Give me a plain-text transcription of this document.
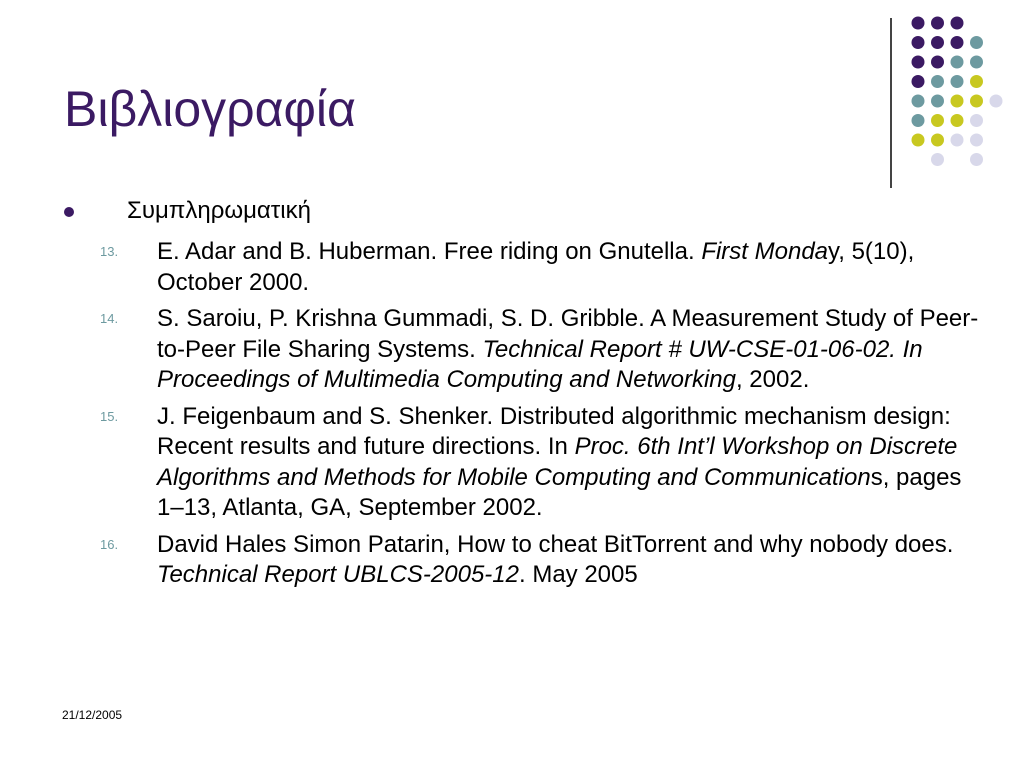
Βιβλιογραφία
Συμπληρωματική
13. E. Adar and B. Huberman. Free riding on Gnutella. First Monday, 5(10), October 2000.
14. S. Saroiu, P. Krishna Gummadi, S. D. Gribble. A Measurement Study of Peer-to-Peer File Sharing Systems. Technical Report # UW-CSE-01-06-02. In Proceedings of Multimedia Computing and Networking, 2002.
15. J. Feigenbaum and S. Shenker. Distributed algorithmic mechanism design: Recent results and future directions. In Proc. 6th Int’l Workshop on Discrete Algorithms and Methods for Mobile Computing and Communications, pages 1–13, Atlanta, GA, September 2002.
16. David Hales Simon Patarin, How to cheat BitTorrent and why nobody does. Technical Report UBLCS-2005-12. May 2005
21/12/2005
